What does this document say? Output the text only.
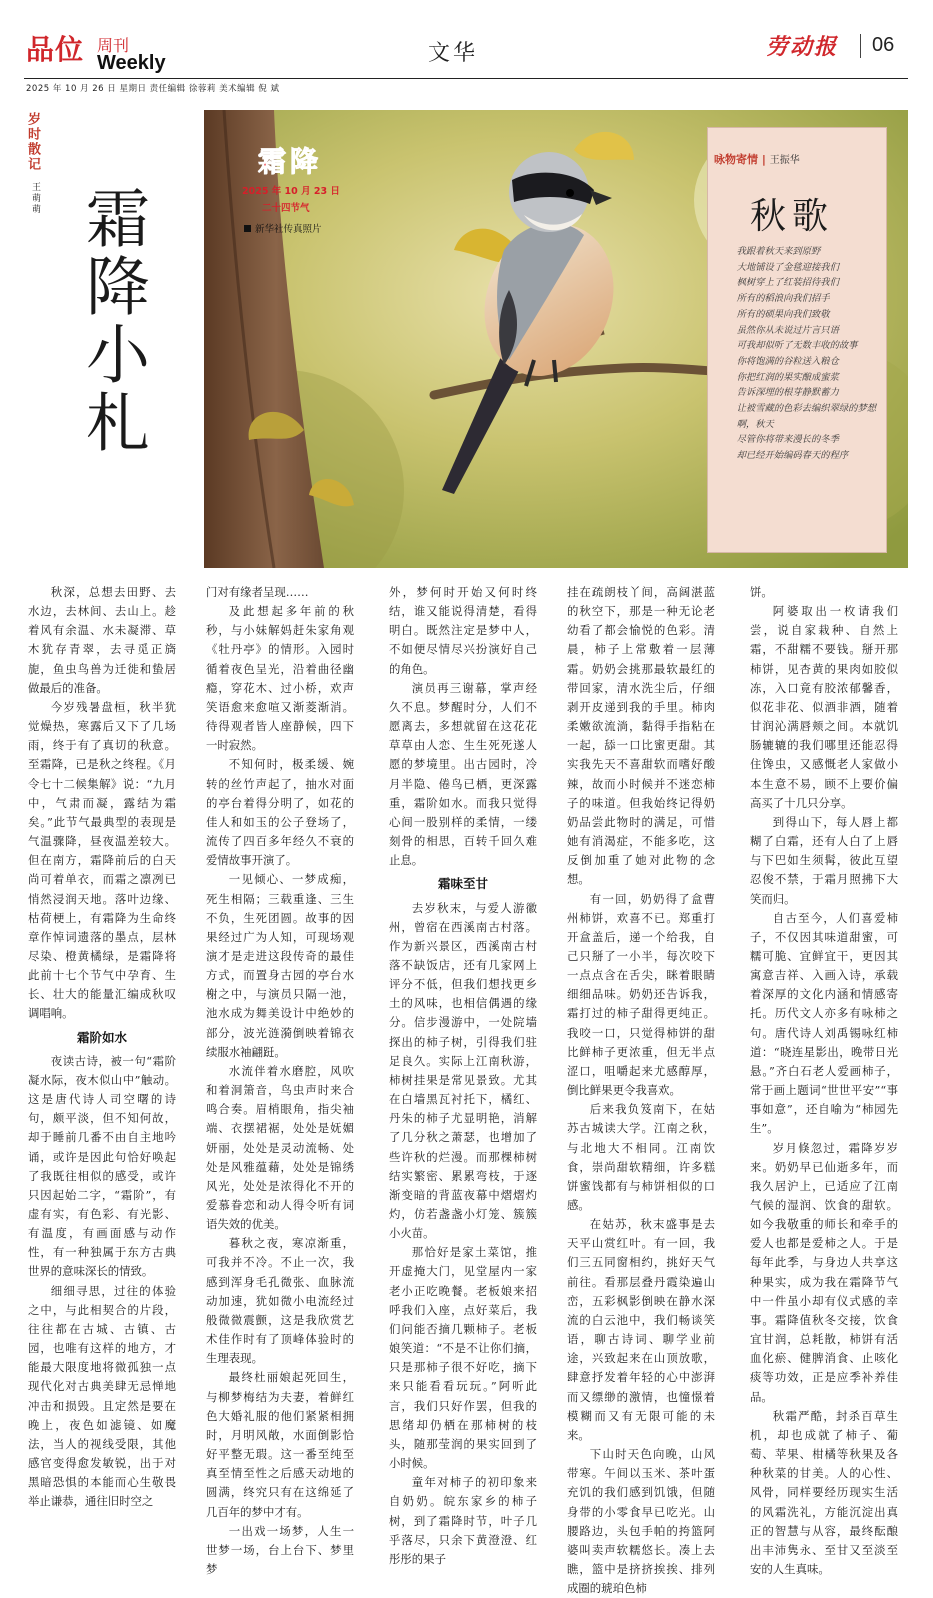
品位 周刊
Weekly	文华	劳动报 06
2025 年 10 月 26 日 星期日 责任编辑 徐蓉莉 美术编辑 倪 斌
岁时散记
王萌萌 霜降小札
霜降
2025 年 10 月 23 日
二十四节气
新华社传真照片
咏物寄情 | 王振华
秋歌
我跟着秋天来到原野
大地铺设了金毯迎接我们
枫树穿上了红装招待我们
所有的稻浪向我们招手
所有的硕果向我们致敬
虽然你从未说过片言只语
可我却似听了无数丰收的故事
你将饱满的谷粒送入粮仓
你把红润的果实酿成蜜浆
告诉深埋的根芽静默蓄力
让被雪藏的色彩去编织翠绿的梦想
啊，秋天
尽管你将带来漫长的冬季
却已经开始编码春天的程序

秋深，总想去田野、去水边，去林间、去山上。趁着风有余温、水未凝滞、草木犹存青翠，去寻觅正旖旎，鱼虫鸟兽为迁徙和蛰居做最后的准备。

今岁残暑盘桓，秋半犹觉燥热，寒露后又下了几场雨，终于有了真切的秋意。至霜降，已是秋之终程。《月令七十二候集解》说：“九月中，气肃而凝，露结为霜矣。”此节气最典型的表现是气温骤降，昼夜温差较大。但在南方，霜降前后的白天尚可着单衣，而霜之凛冽已悄然浸润天地。落叶边缘、枯荷梗上，有霜降为生命终章作悼词遗落的墨点，层林尽染、橙黄橘绿，是霜降将此前十七个节气中孕育、生长、壮大的能量汇编成秋叹调唱响。

霜阶如水

夜读古诗，被一句“霜阶凝水际，夜木似山中”触动。这是唐代诗人司空曙的诗句，颇平淡，但不知何故，却于睡前几番不由自主地吟诵，或许是因此句恰好唤起了我既往相似的感受，或许只因起始二字，“霜阶”，有虚有实，有色彩、有光影、有温度，有画面感与动作性，有一种独属于东方古典世界的意味深长的情致。

细细寻思，过往的体验之中，与此相契合的片段，往往都在古城、古镇、古园，也唯有这样的地方，才能最大限度地将微孤独一点现代化对古典美肆无忌惮地冲击和损毁。且定然是要在晚上，夜色如滤镜、如魔法，当人的视线受限，其他感官变得愈发敏锐，出于对黑暗恐惧的本能而心生敬畏举止谦恭，通往旧时空之

门对有缘者呈现……

及此想起多年前的秋秒，与小妹解妈赶朱家角观《牡丹亭》的情形。入园时循着夜色呈光，沿着曲径幽瘾，穿花木、过小桥，欢声笑语愈来愈喧又渐菱渐消。待得观者皆人座静候，四下一时寂然。

不知何时，极柔缓、婉转的丝竹声起了，抽水对面的亭台着得分明了，如花的佳人和如玉的公子登场了，流传了四百多年经久不衰的爱情故事开演了。

一见倾心、一梦成痴，死生相隔；三载重逢、三生不负，生死团圆。故事的因果经过广为人知，可现场观演才是走进这段传奇的最佳方式，而置身古园的亭台水榭之中，与演员只隔一池，池水成为舞美设计中绝妙的部分，波光涟漪倒映着锦衣续服水袖翩跹。

水流伴着水磨腔，风吹和着洞箫音，鸟虫声时来合鸣合奏。眉梢眼角，指尖袖端、衣摆裙裾，处处是妩媚妍丽，处处是灵动流畅、处处是风雅蕴藉，处处是锦绣风光，处处是浓得化不开的爱慕眷恋和动人得令听有词语失效的优美。

暮秋之夜，寒凉渐重，可我并不冷。不止一次，我感到浑身毛孔微张、血脉流动加速，犹如微小电流经过般微微震颤，这是我欣赏艺术佳作时有了顶峰体验时的生理表现。

最终杜丽娘起死回生，与柳梦梅结为夫妻，着鲜红色大婚礼服的他们紧紧相拥时，月明风敞，水面倒影恰好平整无瑕。这一番至纯至真至情至性之后感天动地的圆满，终究只有在这绵延了几百年的梦中才有。

一出戏一场梦，人生一世梦一场，台上台下、梦里梦

外，梦何时开始又何时终结，谁又能说得清楚，看得明白。既然注定是梦中人，不如便尽情尽兴扮演好自己的角色。

演员再三谢幕，掌声经久不息。梦醒时分，人们不愿离去，多想就留在这花花草草由人恋、生生死死遂人愿的梦境里。出古园时，冷月半隐、倦鸟已栖，更深露重，霜阶如水。而我只觉得心间一股别样的柔情，一缕刻骨的相思，百转千回久难止息。

霜味至甘

去岁秋末，与爱人游徽州，曾宿在西溪南古村落。作为新兴景区，西溪南古村落不缺饭店，还有几家网上评分不低，但我们想找更乡土的风味，也相信偶遇的缘分。信步漫游中，一处院墙探出的柿子树，引得我们驻足良久。实际上江南秋游，柿树挂果是常见景致。尤其在白墙黑瓦衬托下，橘红、丹朱的柿子尤显明艳，消解了几分秋之萧瑟，也增加了些许秋的烂漫。而那棵柿树结实繁密、累累弯枝，于逐渐变暗的背蓝夜幕中熠熠灼灼，仿若盏盏小灯笼、簇簇小火苗。

那恰好是家土菜馆，推开虚掩大门，见堂屋内一家老小正吃晚餐。老板娘来招呼我们入座，点好菜后，我们问能否摘几颗柿子。老板娘笑道：“不是不让你们摘，只是那柿子很不好吃，摘下来只能看看玩玩。”阿听此言，我们只好作罢，但我的思绪却仍栖在那柿树的枝头，随那莹润的果实回到了小时候。

童年对柿子的初印象来自奶奶。皖东家乡的柿子树，到了霜降时节，叶子几乎落尽，只余下黄澄澄、红彤彤的果子

挂在疏朗枝丫间，高阔湛蓝的秋空下，那是一种无论老幼看了都会愉悦的色彩。清晨，柿子上常敷着一层薄霜。奶奶会挑那最软最红的带回家，清水洗尘后，仔细剥开皮递到我的手里。柿肉柔嫩欲流淌，黏得手指粘在一起，舔一口比蜜更甜。其实我先天不喜甜软而嗜好酸辣，故而小时候并不迷恋柿子的味道。但我始终记得奶奶品尝此物时的满足，可惜她有消渴症，不能多吃，这反倒加重了她对此物的念想。

有一回，奶奶得了盒曹州柿饼，欢喜不已。郑重打开盒盖后，递一个给我，自己只掰了一小半，每次咬下一点点含在舌尖，眯着眼睛细细品味。奶奶还告诉我，霜打过的柿子甜得更纯正。我咬一口，只觉得柿饼的甜比鲜柿子更浓重，但无半点涩口，咀嚼起来尤感醇厚，倒比鲜果更令我喜欢。

后来我负笈南下，在姑苏古城读大学。江南之秋，与北地大不相同。江南饮食，崇尚甜软精细，许多糕饼蜜饯都有与柿饼相似的口感。

在姑苏，秋末盛事是去天平山赏红叶。有一回，我们三五同窗相约，挑好天气前往。看那层叠丹霞染遍山峦，五彩枫影倒映在静水深流的白云池中，我们畅谈笑语，聊古诗词、聊学业前途，兴致起来在山顶放歌，肆意抒发着年轻的心中澎湃而又缥缈的激情，也憧憬着模糊而又有无限可能的未来。

下山时天色向晚，山风带寒。午间以玉米、茶叶蛋充饥的我们感到饥饿，但随身带的小零食早已吃光。山腰路边，头包手帕的挎篮阿婆叫卖声软糯悠长。凑上去瞧，篮中是挤挤挨挨、排列成圈的琥珀色柿

饼。

阿婆取出一枚请我们尝，说自家栽种、自然上霜，不甜糯不要钱。掰开那柿饼，见杏黄的果肉如胶似冻，入口竟有胶浓郁馨香，似花非花、似酒非酒，随着甘润沁满唇颊之间。本就饥肠辘辘的我们哪里还能忍得住馋虫，又感慨老人家做小本生意不易，顾不上要价偏高买了十几只分享。

到得山下，每人唇上都糊了白霜，还有人白了上唇与下巴如生须髯，彼此互望忍俊不禁，于霜月照拂下大笑而归。

自古至今，人们喜爱柿子，不仅因其味道甜蜜，可糯可脆、宜鲜宜干，更因其寓意吉祥、入画入诗，承载着深厚的文化内涵和情感寄托。历代文人亦多有咏柿之句。唐代诗人刘禹锡咏红柿道：“晓连星影出，晚带日光悬。”齐白石老人爱画柿子，常于画上题词“世世平安”“事事如意”，还自喻为“柿园先生”。

岁月倏忽过，霜降岁岁来。奶奶早已仙逝多年，而我久居沪上，已适应了江南气候的湿润、饮食的甜软。如今我敬重的师长和牵手的爱人也都是爱柿之人。于是每年此季，与身边人共享这种果实，成为我在霜降节气中一件虽小却有仪式感的幸事。霜降值秋冬交接，饮食宜甘润，总耗散，柿饼有活血化瘀、健脾消食、止咳化痰等功效，正是应季补养佳品。

秋霜严酷，封杀百草生机，却也成就了柿子、葡萄、苹果、柑橘等秋果及各种秋菜的甘美。人的心性、风骨，同样要经历现实生活的风霜洗礼，方能沉淀出真正的智慧与从容，最终酝酿出丰沛隽永、至甘又至淡至安的人生真味。
